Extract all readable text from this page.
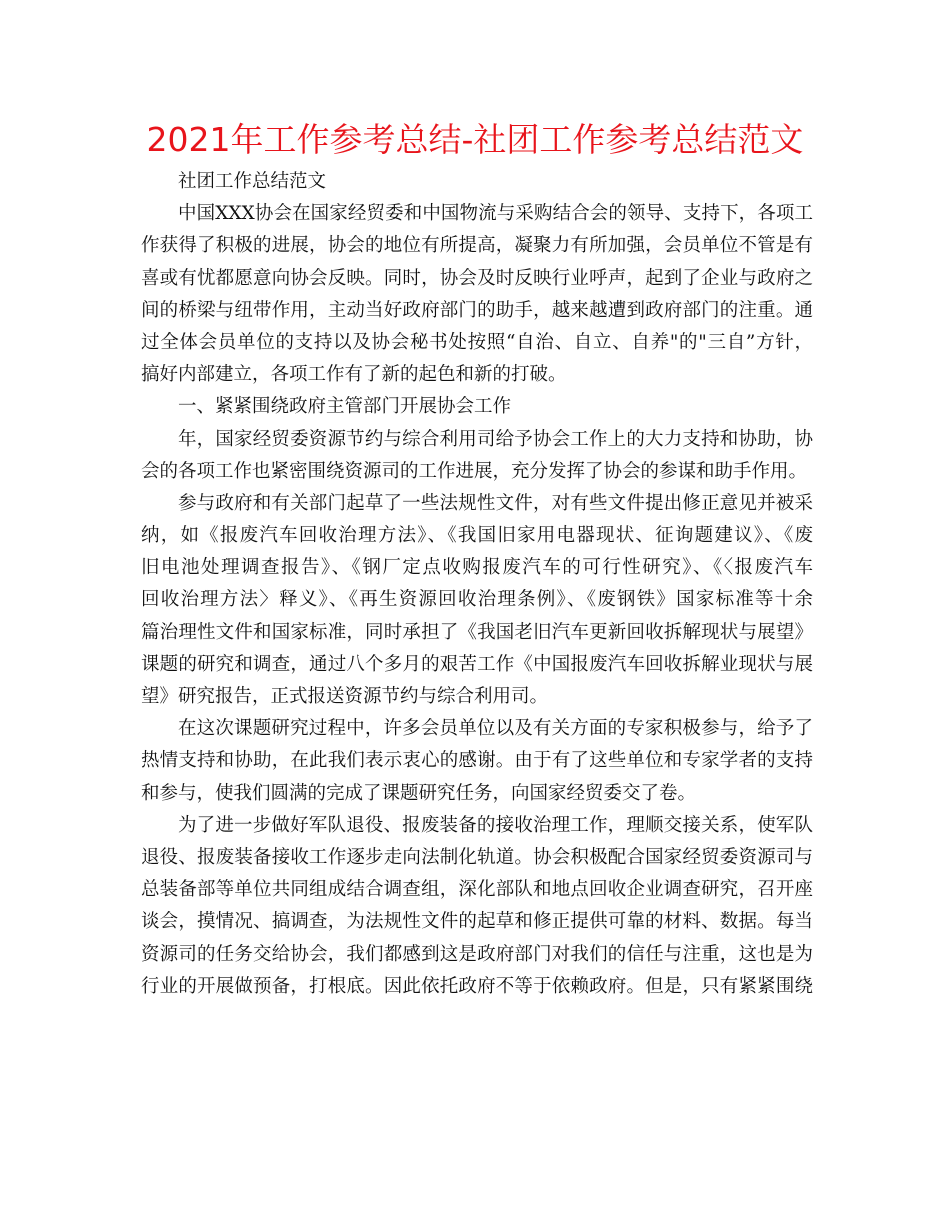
2021年工作参考总结-社团工作参考总结范文
社团工作总结范文
中国XXX协会在国家经贸委和中国物流与采购结合会的领导、支持下，各项工
作获得了积极的进展，协会的地位有所提高，凝聚力有所加强，会员单位不管是有
喜或有忧都愿意向协会反映。同时，协会及时反映行业呼声，起到了企业与政府之
间的桥梁与纽带作用，主动当好政府部门的助手，越来越遭到政府部门的注重。通
过全体会员单位的支持以及协会秘书处按照“自治、自立、自养"的"三自”方针，
搞好内部建立，各项工作有了新的起色和新的打破。
一、紧紧围绕政府主管部门开展协会工作
年，国家经贸委资源节约与综合利用司给予协会工作上的大力支持和协助，协
会的各项工作也紧密围绕资源司的工作进展，充分发挥了协会的参谋和助手作用。
参与政府和有关部门起草了一些法规性文件，对有些文件提出修正意见并被采
纳，如《报废汽车回收治理方法》、《我国旧家用电器现状、征询题建议》、《废
旧电池处理调查报告》、《钢厂定点收购报废汽车的可行性研究》、《〈报废汽车
回收治理方法〉释义》、《再生资源回收治理条例》、《废钢铁》国家标准等十余
篇治理性文件和国家标准，同时承担了《我国老旧汽车更新回收拆解现状与展望》
课题的研究和调查，通过八个多月的艰苦工作《中国报废汽车回收拆解业现状与展
望》研究报告，正式报送资源节约与综合利用司。
在这次课题研究过程中，许多会员单位以及有关方面的专家积极参与，给予了
热情支持和协助，在此我们表示衷心的感谢。由于有了这些单位和专家学者的支持
和参与，使我们圆满的完成了课题研究任务，向国家经贸委交了卷。
为了进一步做好军队退役、报废装备的接收治理工作，理顺交接关系，使军队
退役、报废装备接收工作逐步走向法制化轨道。协会积极配合国家经贸委资源司与
总装备部等单位共同组成结合调查组，深化部队和地点回收企业调查研究，召开座
谈会，摸情况、搞调查，为法规性文件的起草和修正提供可靠的材料、数据。每当
资源司的任务交给协会，我们都感到这是政府部门对我们的信任与注重，这也是为
行业的开展做预备，打根底。因此依托政府不等于依赖政府。但是，只有紧紧围绕
